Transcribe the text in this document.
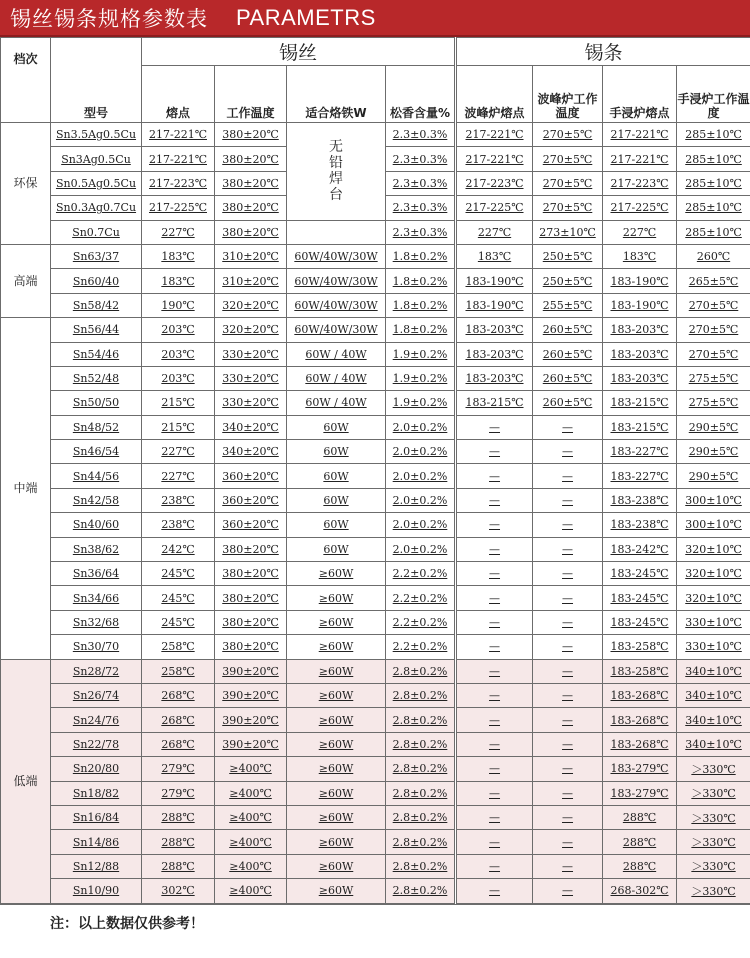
锡丝锡条规格参数表 PARAMETRS
档次	型号	锡丝				锡条			
		熔点	工作温度	适合烙铁W	松香含量%	波峰炉熔点	波峰炉工作温度	手浸炉熔点	手浸炉工作温度
环保	Sn3.5Ag0.5Cu	217-221℃	380±20℃	无铅焊台	2.3±0.3%	217-221℃	270±5℃	217-221℃	285±10℃
	Sn3Ag0.5Cu	217-221℃	380±20℃		2.3±0.3%	217-221℃	270±5℃	217-221℃	285±10℃
	Sn0.5Ag0.5Cu	217-223℃	380±20℃		2.3±0.3%	217-223℃	270±5℃	217-223℃	285±10℃
	Sn0.3Ag0.7Cu	217-225℃	380±20℃		2.3±0.3%	217-225℃	270±5℃	217-225℃	285±10℃
	Sn0.7Cu	227℃	380±20℃		2.3±0.3%	227℃	273±10℃	227℃	285±10℃
高端	Sn63/37	183℃	310±20℃	60W/40W/30W	1.8±0.2%	183℃	250±5℃	183℃	260℃
	Sn60/40	183℃	310±20℃	60W/40W/30W	1.8±0.2%	183-190℃	250±5℃	183-190℃	265±5℃
	Sn58/42	190℃	320±20℃	60W/40W/30W	1.8±0.2%	183-190℃	255±5℃	183-190℃	270±5℃
中端	Sn56/44	203℃	320±20℃	60W/40W/30W	1.8±0.2%	183-203℃	260±5℃	183-203℃	270±5℃
	Sn54/46	203℃	330±20℃	60W / 40W	1.9±0.2%	183-203℃	260±5℃	183-203℃	270±5℃
	Sn52/48	203℃	330±20℃	60W / 40W	1.9±0.2%	183-203℃	260±5℃	183-203℃	275±5℃
	Sn50/50	215℃	330±20℃	60W / 40W	1.9±0.2%	183-215℃	260±5℃	183-215℃	275±5℃
	Sn48/52	215℃	340±20℃	60W	2.0±0.2%	—	—	183-215℃	290±5℃
	Sn46/54	227℃	340±20℃	60W	2.0±0.2%	—	—	183-227℃	290±5℃
	Sn44/56	227℃	360±20℃	60W	2.0±0.2%	—	—	183-227℃	290±5℃
	Sn42/58	238℃	360±20℃	60W	2.0±0.2%	—	—	183-238℃	300±10℃
	Sn40/60	238℃	360±20℃	60W	2.0±0.2%	—	—	183-238℃	300±10℃
	Sn38/62	242℃	380±20℃	60W	2.0±0.2%	—	—	183-242℃	320±10℃
	Sn36/64	245℃	380±20℃	≥60W	2.2±0.2%	—	—	183-245℃	320±10℃
	Sn34/66	245℃	380±20℃	≥60W	2.2±0.2%	—	—	183-245℃	320±10℃
	Sn32/68	245℃	380±20℃	≥60W	2.2±0.2%	—	—	183-245℃	330±10℃
	Sn30/70	258℃	380±20℃	≥60W	2.2±0.2%	—	—	183-258℃	330±10℃
低端	Sn28/72	258℃	390±20℃	≥60W	2.8±0.2%	—	—	183-258℃	340±10℃
	Sn26/74	268℃	390±20℃	≥60W	2.8±0.2%	—	—	183-268℃	340±10℃
	Sn24/76	268℃	390±20℃	≥60W	2.8±0.2%	—	—	183-268℃	340±10℃
	Sn22/78	268℃	390±20℃	≥60W	2.8±0.2%	—	—	183-268℃	340±10℃
	Sn20/80	279℃	≥400℃	≥60W	2.8±0.2%	—	—	183-279℃	＞330℃
	Sn18/82	279℃	≥400℃	≥60W	2.8±0.2%	—	—	183-279℃	＞330℃
	Sn16/84	288℃	≥400℃	≥60W	2.8±0.2%	—	—	288℃	＞330℃
	Sn14/86	288℃	≥400℃	≥60W	2.8±0.2%	—	—	288℃	＞330℃
	Sn12/88	288℃	≥400℃	≥60W	2.8±0.2%	—	—	288℃	＞330℃
	Sn10/90	302℃	≥400℃	≥60W	2.8±0.2%	—	—	268-302℃	＞330℃
注：以上数据仅供参考！
